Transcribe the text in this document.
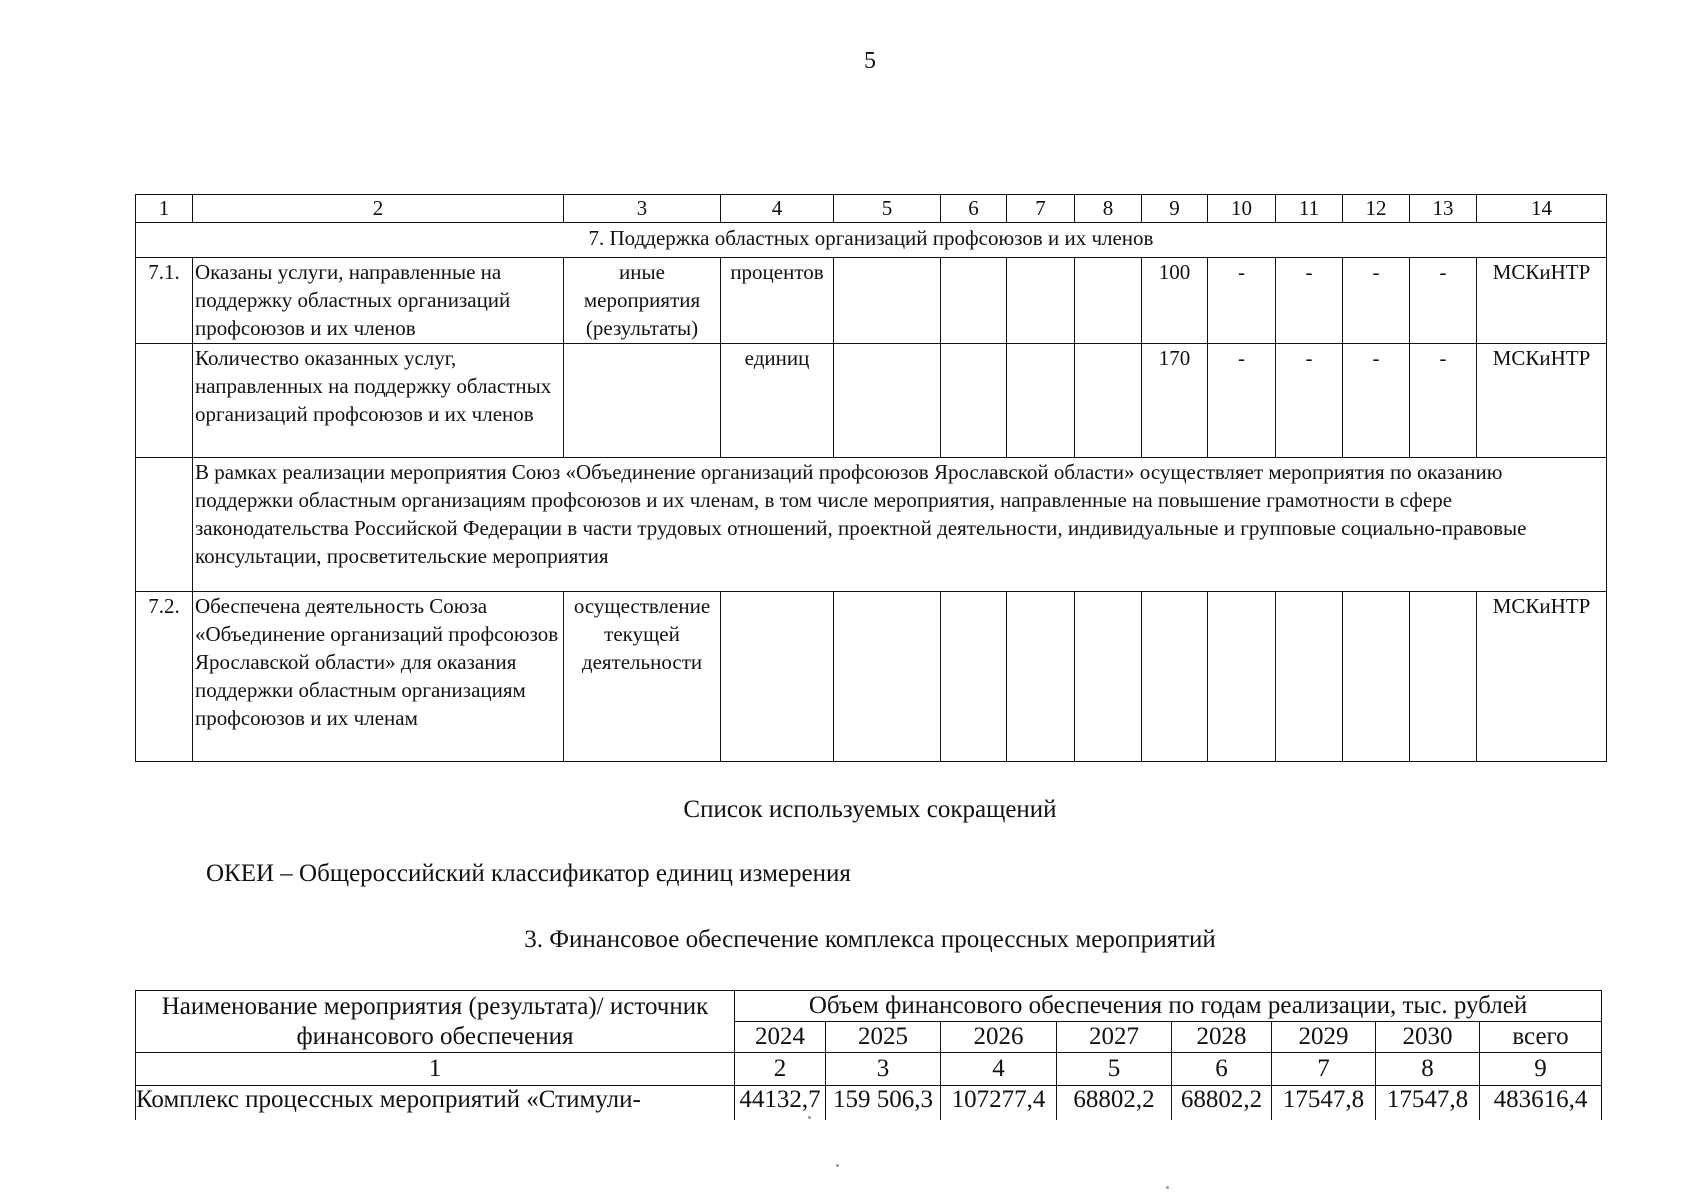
5
1	2	3	4	5	6	7	8	9	10	11	12	13	14
7. Поддержка областных организаций профсоюзов и их членов													
7.1.	Оказаны услуги, направленные на поддержку областных организаций профсоюзов и их членов	иные мероприятия (результаты)	процентов					100	-	-	-	-	МСКиНТР
	Количество оказанных услуг, направленных на поддержку областных организаций профсоюзов и их членов		единиц					170	-	-	-	-	МСКиНТР
	В рамках реализации мероприятия Союз «Объединение организаций профсоюзов Ярославской области» осуществляет мероприятия по оказанию поддержки областным организациям профсоюзов и их членам, в том числе мероприятия, направленные на повышение грамотности в сфере законодательства Российской Федерации в части трудовых отношений, проектной деятельности, индивидуальные и групповые социально-правовые консультации, просветительские мероприятия												
7.2.	Обеспечена деятельность Союза «Объединение организаций профсоюзов Ярославской области» для оказания поддержки областным организациям профсоюзов и их членам	осуществление текущей деятельности											МСКиНТР
Список используемых сокращений
ОКЕИ – Общероссийский классификатор единиц измерения
3. Финансовое обеспечение комплекса процессных мероприятий
Наименование мероприятия (результата)/ источник финансового обеспечения	Объем финансового обеспечения по годам реализации, тыс. рублей							
	2024	2025	2026	2027	2028	2029	2030	всего
1	2	3	4	5	6	7	8	9
Комплекс процессных мероприятий «Стимули-	44132,7	159 506,3	107277,4	68802,2	68802,2	17547,8	17547,8	483616,4
